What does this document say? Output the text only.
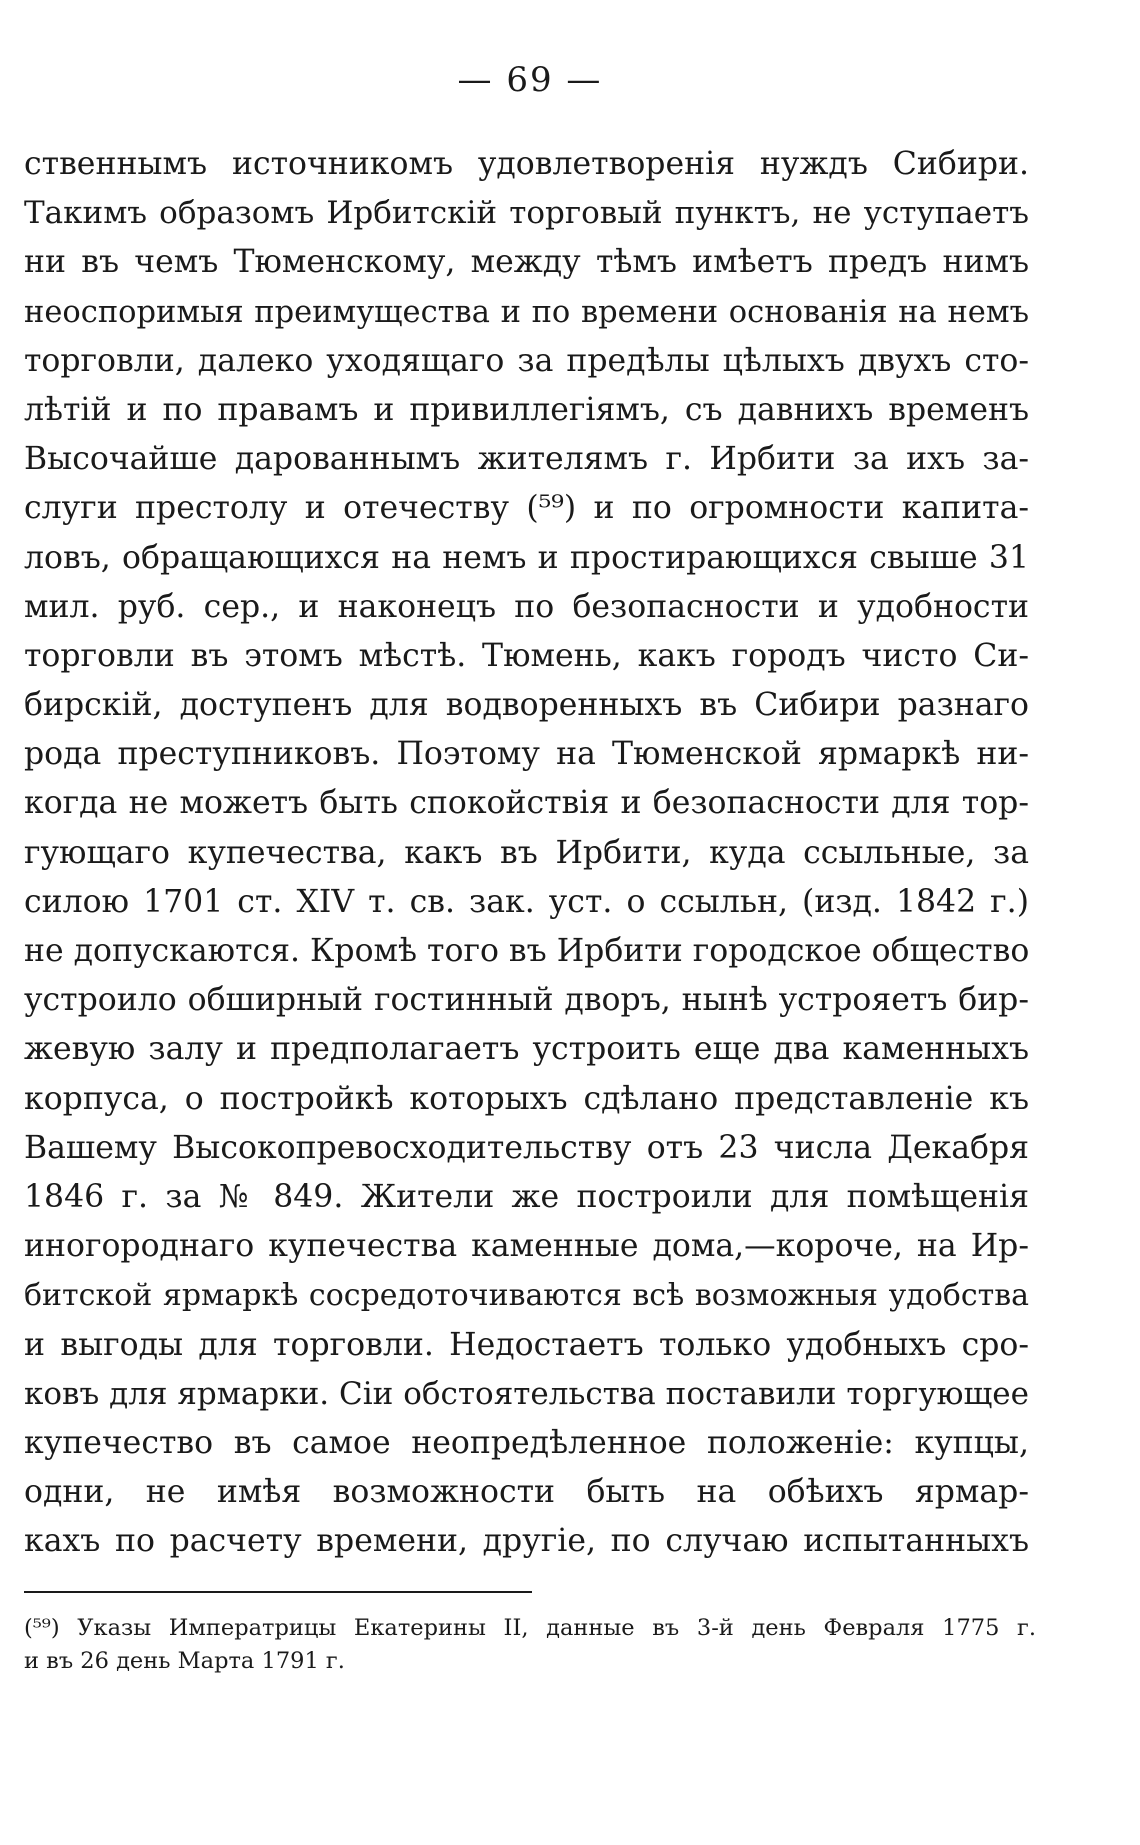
— 69 —
ственнымъ источникомъ удовлетворенія нуждъ Сибири.
Такимъ образомъ Ирбитскій торговый пунктъ, не уступаетъ
ни въ чемъ Тюменскому, между тѣмъ имѣетъ предъ нимъ
неоспоримыя преимущества и по времени основанія на немъ
торговли, далеко уходящаго за предѣлы цѣлыхъ двухъ сто-
лѣтій и по правамъ и привиллегіямъ, съ давнихъ временъ
Высочайше дарованнымъ жителямъ г. Ирбити за ихъ за-
слуги престолу и отечеству (⁵⁹) и по огромности капита-
ловъ, обращающихся на немъ и простирающихся свыше 31
мил. руб. сер., и наконецъ по безопасности и удобности
торговли въ этомъ мѣстѣ. Тюмень, какъ городъ чисто Си-
бирскій, доступенъ для водворенныхъ въ Сибири разнаго
рода преступниковъ. Поэтому на Тюменской ярмаркѣ ни-
когда не можетъ быть спокойствія и безопасности для тор-
гующаго купечества, какъ въ Ирбити, куда ссыльные, за
силою 1701 ст. XIV т. св. зак. уст. о ссыльн, (изд. 1842 г.)
не допускаются. Кромѣ того въ Ирбити городское общество
устроило обширный гостинный дворъ, нынѣ устрояетъ бир-
жевую залу и предполагаетъ устроить еще два каменныхъ
корпуса, о постройкѣ которыхъ сдѣлано представленіе къ
Вашему Высокопревосходительству отъ 23 числа Декабря
1846 г. за № 849. Жители же построили для помѣщенія
иногороднаго купечества каменные дома,—короче, на Ир-
битской ярмаркѣ сосредоточиваются всѣ возможныя удобства
и выгоды для торговли. Недостаетъ только удобныхъ сро-
ковъ для ярмарки. Сіи обстоятельства поставили торгующее
купечество въ самое неопредѣленное положеніе: купцы,
одни, не имѣя возможности быть на обѣихъ ярмар-
кахъ по расчету времени, другіе, по случаю испытанныхъ
(⁵⁹) Указы Императрицы Екатерины II, данные въ 3-й день Февраля 1775 г.
и въ 26 день Марта 1791 г.
